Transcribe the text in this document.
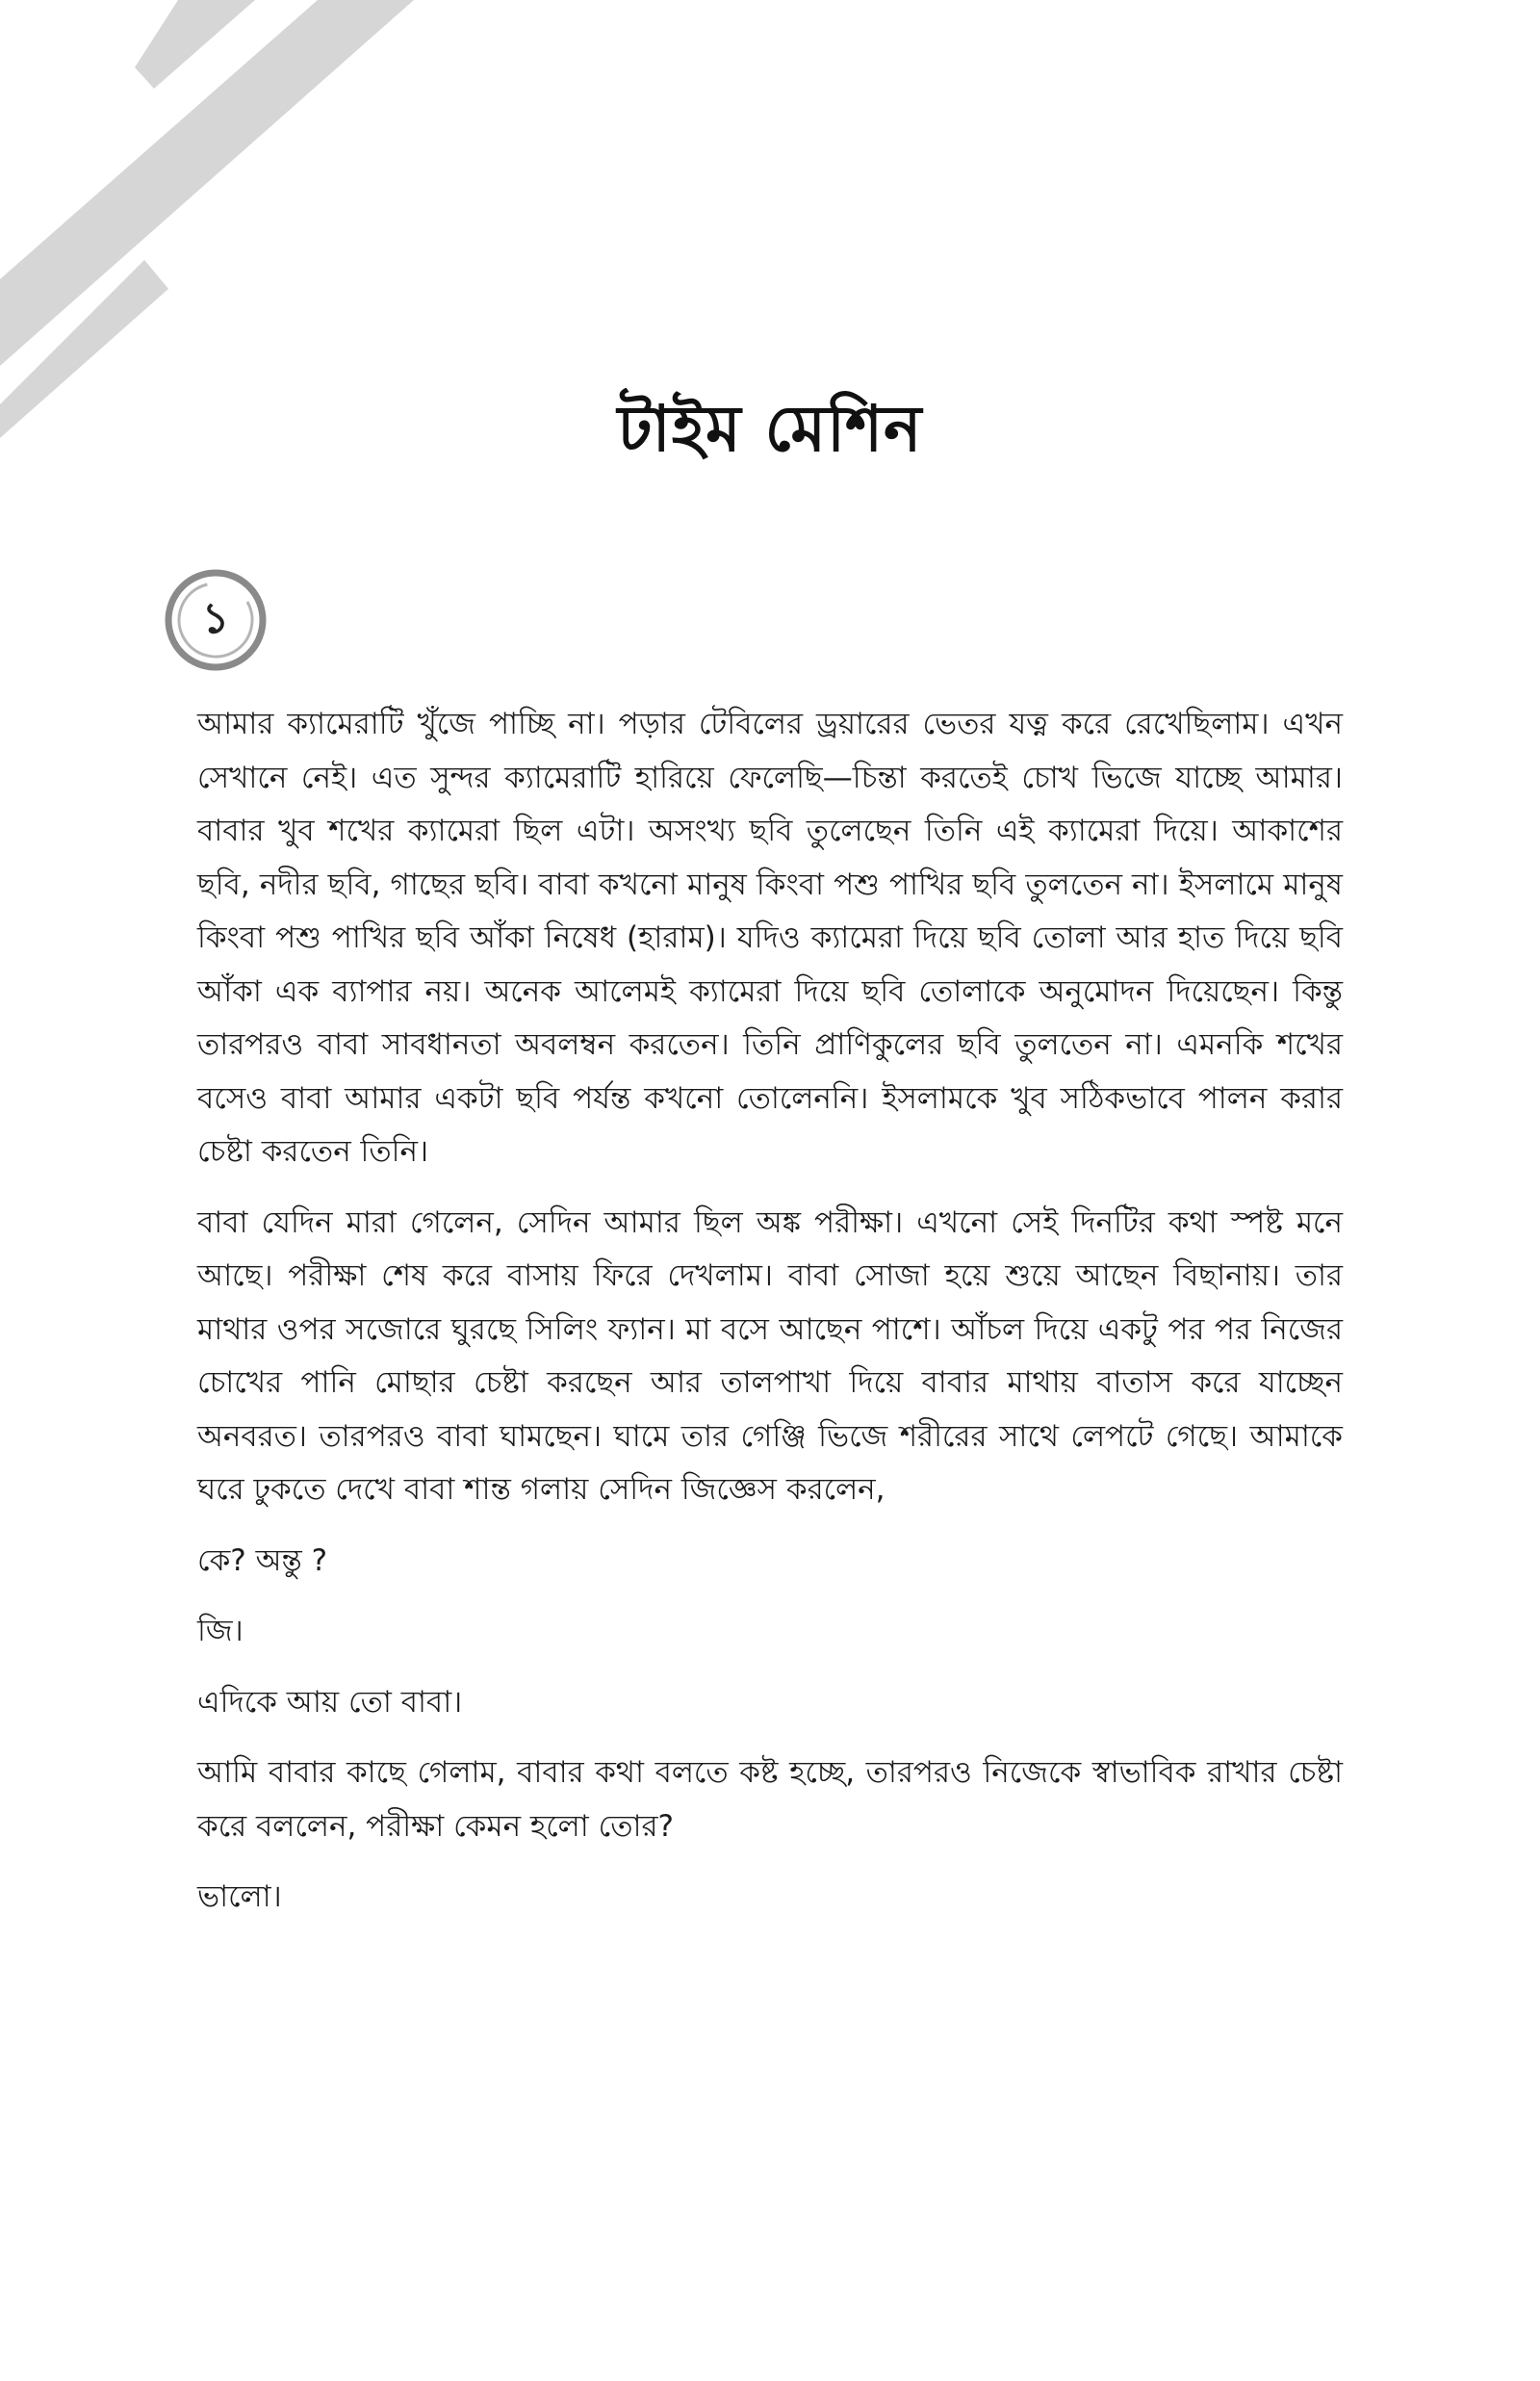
টাইম মেশিন
১

আমার ক্যামেরাটি খুঁজে পাচ্ছি না। পড়ার টেবিলের ড্রয়ারের ভেতর যত্ন করে রেখেছিলাম। এখন সেখানে নেই। এত সুন্দর ক্যামেরাটি হারিয়ে ফেলেছি—চিন্তা করতেই চোখ ভিজে যাচ্ছে আমার। বাবার খুব শখের ক্যামেরা ছিল এটা। অসংখ্য ছবি তুলেছেন তিনি এই ক্যামেরা দিয়ে। আকাশের ছবি, নদীর ছবি, গাছের ছবি। বাবা কখনো মানুষ কিংবা পশু পাখির ছবি তুলতেন না। ইসলামে মানুষ কিংবা পশু পাখির ছবি আঁকা নিষেধ (হারাম)। যদিও ক্যামেরা দিয়ে ছবি তোলা আর হাত দিয়ে ছবি আঁকা এক ব্যাপার নয়। অনেক আলেমই ক্যামেরা দিয়ে ছবি তোলাকে অনুমোদন দিয়েছেন। কিন্তু তারপরও বাবা সাবধানতা অবলম্বন করতেন। তিনি প্রাণিকুলের ছবি তুলতেন না। এমনকি শখের বসেও বাবা আমার একটা ছবি পর্যন্ত কখনো তোলেননি। ইসলামকে খুব সঠিকভাবে পালন করার চেষ্টা করতেন তিনি।

বাবা যেদিন মারা গেলেন, সেদিন আমার ছিল অঙ্ক পরীক্ষা। এখনো সেই দিনটির কথা স্পষ্ট মনে আছে। পরীক্ষা শেষ করে বাসায় ফিরে দেখলাম। বাবা সোজা হয়ে শুয়ে আছেন বিছানায়। তার মাথার ওপর সজোরে ঘুরছে সিলিং ফ্যান। মা বসে আছেন পাশে। আঁচল দিয়ে একটু পর পর নিজের চোখের পানি মোছার চেষ্টা করছেন আর তালপাখা দিয়ে বাবার মাথায় বাতাস করে যাচ্ছেন অনবরত। তারপরও বাবা ঘামছেন। ঘামে তার গেঞ্জি ভিজে শরীরের সাথে লেপটে গেছে। আমাকে ঘরে ঢুকতে দেখে বাবা শান্ত গলায় সেদিন জিজ্ঞেস করলেন,

কে? অন্তু ?

জি।

এদিকে আয় তো বাবা।

আমি বাবার কাছে গেলাম, বাবার কথা বলতে কষ্ট হচ্ছে, তারপরও নিজেকে স্বাভাবিক রাখার চেষ্টা করে বললেন, পরীক্ষা কেমন হলো তোর?

ভালো।
